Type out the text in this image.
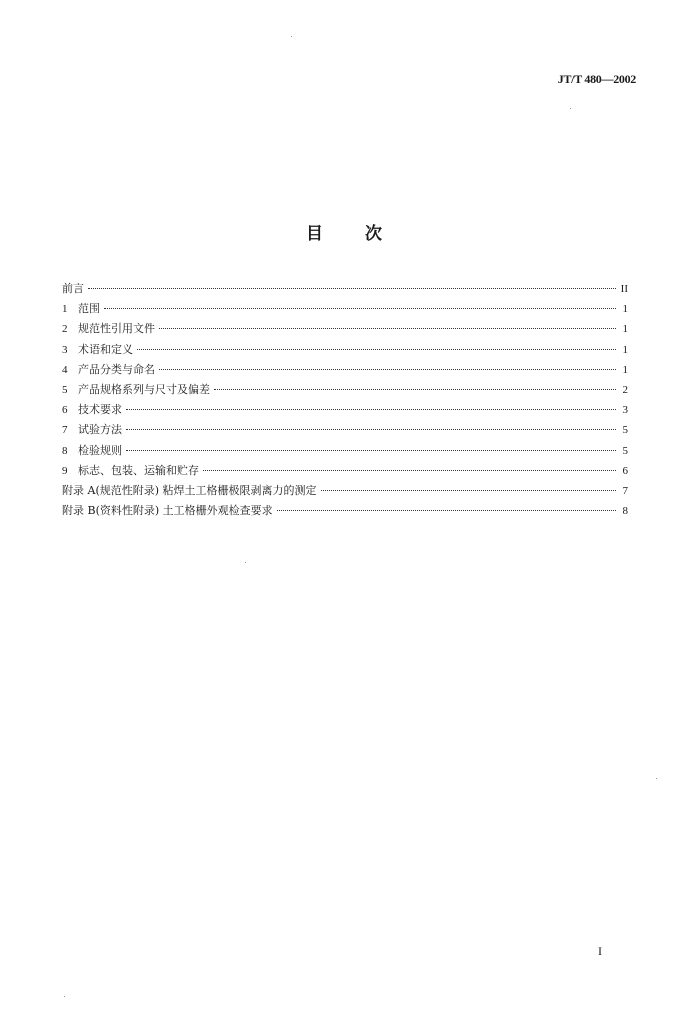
JT/T 480—2002
目 次
前言	II
1 范围	1
2 规范性引用文件	1
3 术语和定义	1
4 产品分类与命名	1
5 产品规格系列与尺寸及偏差	2
6 技术要求	3
7 试验方法	5
8 检验规则	5
9 标志、包装、运输和贮存	6
附录 A(规范性附录) 粘焊土工格栅极限剥离力的测定	7
附录 B(资料性附录) 土工格栅外观检查要求	8
I
